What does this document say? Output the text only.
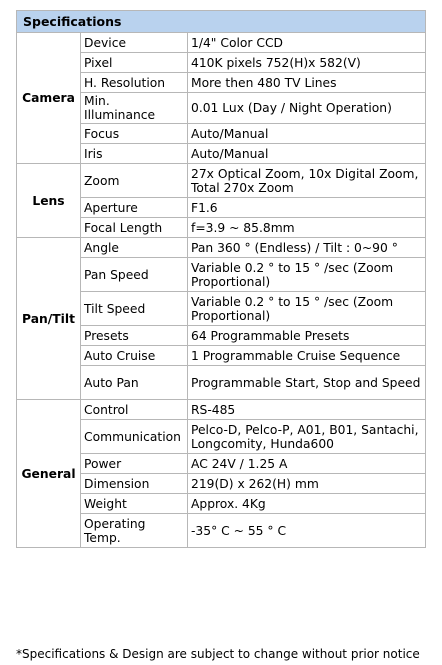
Specifications		
Camera	Device	1/4" Color CCD
	Pixel	410K pixels 752(H)x 582(V)
	H. Resolution	More then 480 TV Lines
	Min. Illuminance	0.01 Lux (Day / Night Operation)
	Focus	Auto/Manual
	Iris	Auto/Manual
Lens	Zoom	27x Optical Zoom, 10x Digital Zoom, Total 270x Zoom
	Aperture	F1.6
	Focal Length	f=3.9 ~ 85.8mm
Pan/Tilt	Angle	Pan 360 ° (Endless) / Tilt : 0~90 °
	Pan Speed	Variable 0.2 ° to 15 ° /sec (Zoom Proportional)
	Tilt Speed	Variable 0.2 ° to 15 ° /sec (Zoom Proportional)
	Presets	64 Programmable Presets
	Auto Cruise	1 Programmable Cruise Sequence
	Auto Pan	Programmable Start, Stop and Speed
General	Control	RS-485
	Communication	Pelco-D, Pelco-P, A01, B01, Santachi, Longcomity, Hunda600
	Power	AC 24V / 1.25 A
	Dimension	219(D) x 262(H) mm
	Weight	Approx. 4Kg
	Operating Temp.	-35° C ~ 55 ° C
*Specifications & Design are subject to change without prior notice
